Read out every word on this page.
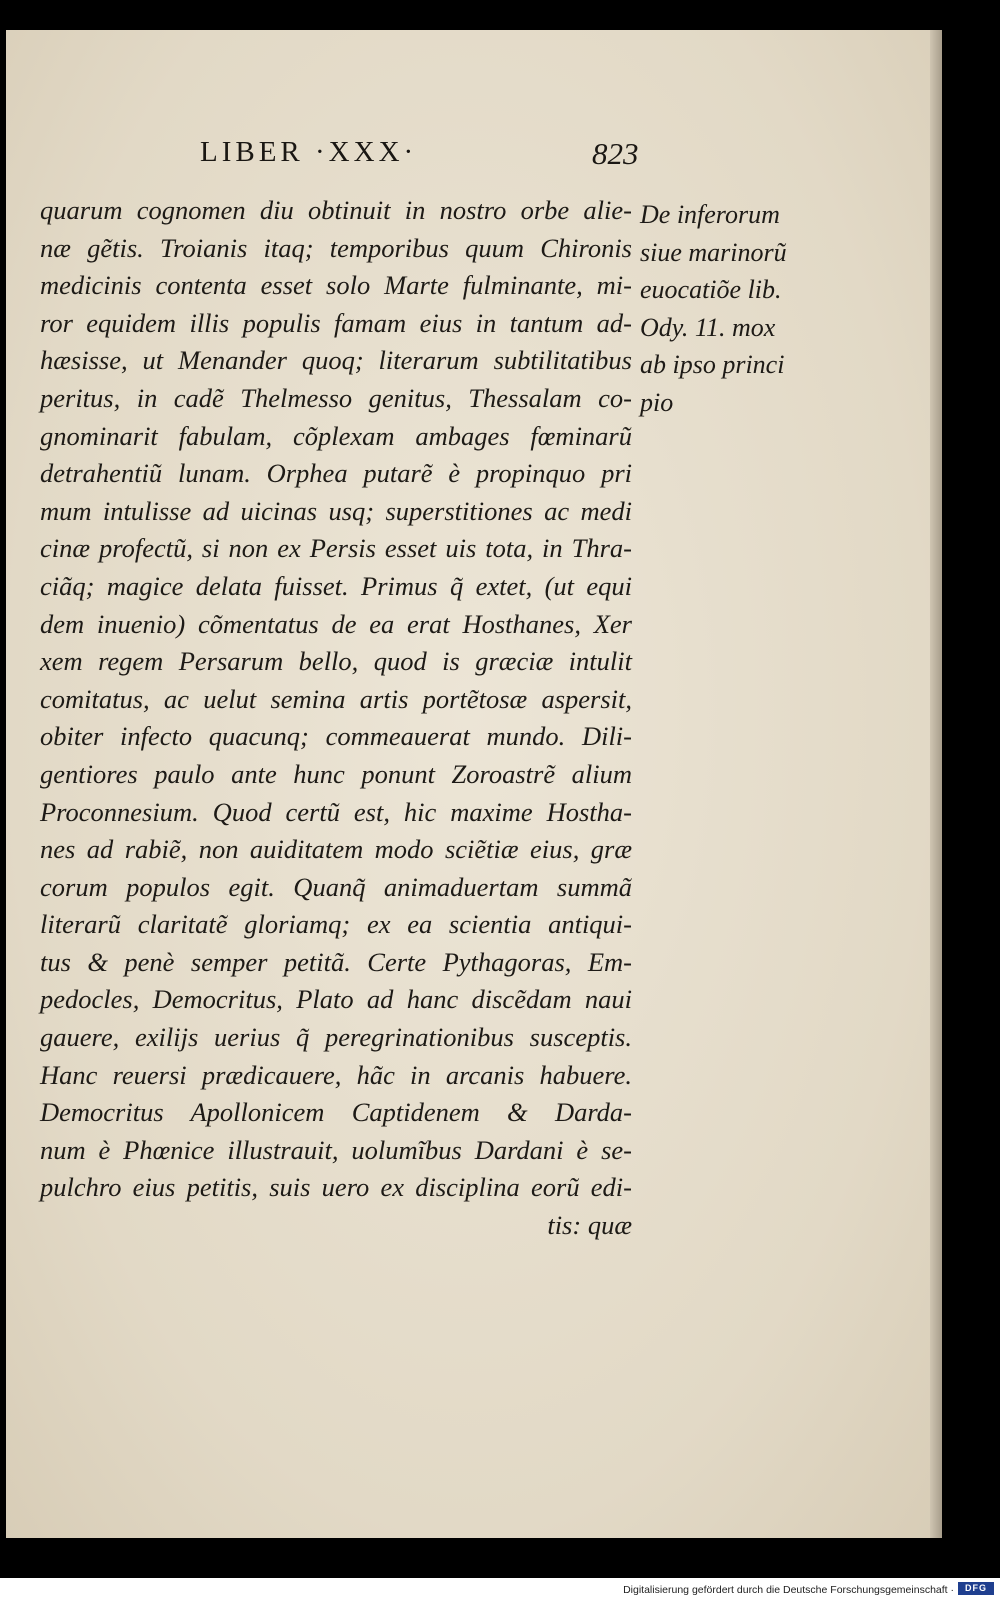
LIBER ·XXX·	823
quarum cognomen diu obtinuit in nostro orbe alie-
næ gẽtis. Troianis itaq; temporibus quum Chironis
medicinis contenta esset solo Marte fulminante, mi-
ror equidem illis populis famam eius in tantum ad-
hæsisse, ut Menander quoq; literarum subtilitatibus
peritus, in cadẽ Thelmesso genitus, Thessalam co-
gnominarit fabulam, cõplexam ambages fœminarũ
detrahentiũ lunam. Orphea putarẽ è propinquo pri
mum intulisse ad uicinas usq; superstitiones ac medi
cinæ profectũ, si non ex Persis esset uis tota, in Thra-
ciãq; magice delata fuisset. Primus q̃ extet, (ut equi
dem inuenio) cõmentatus de ea erat Hosthanes, Xer
xem regem Persarum bello, quod is græciæ intulit
comitatus, ac uelut semina artis portẽtosæ aspersit,
obiter infecto quacunq; commeauerat mundo. Dili-
gentiores paulo ante hunc ponunt Zoroastrẽ alium
Proconnesium. Quod certũ est, hic maxime Hostha-
nes ad rabiẽ, non auiditatem modo sciẽtiæ eius, græ
corum populos egit. Quanq̃ animaduertam summã
literarũ claritatẽ gloriamq; ex ea scientia antiqui-
tus & penè semper petitã. Certe Pythagoras, Em-
pedocles, Democritus, Plato ad hanc discẽdam naui
gauere, exilijs uerius q̃ peregrinationibus susceptis.
Hanc reuersi prædicauere, hãc in arcanis habuere.
Democritus Apollonicem Captidenem & Darda-
num è Phœnice illustrauit, uolumĩbus Dardani è se-
pulchro eius petitis, suis uero ex disciplina eorũ edi-
tis: quæ
De inferorum
siue marinorũ
euocatiõe lib.
Ody. 11. mox
ab ipso princi
pio
Digitalisierung gefördert durch die Deutsche Forschungsgemeinschaft ·	DFG
